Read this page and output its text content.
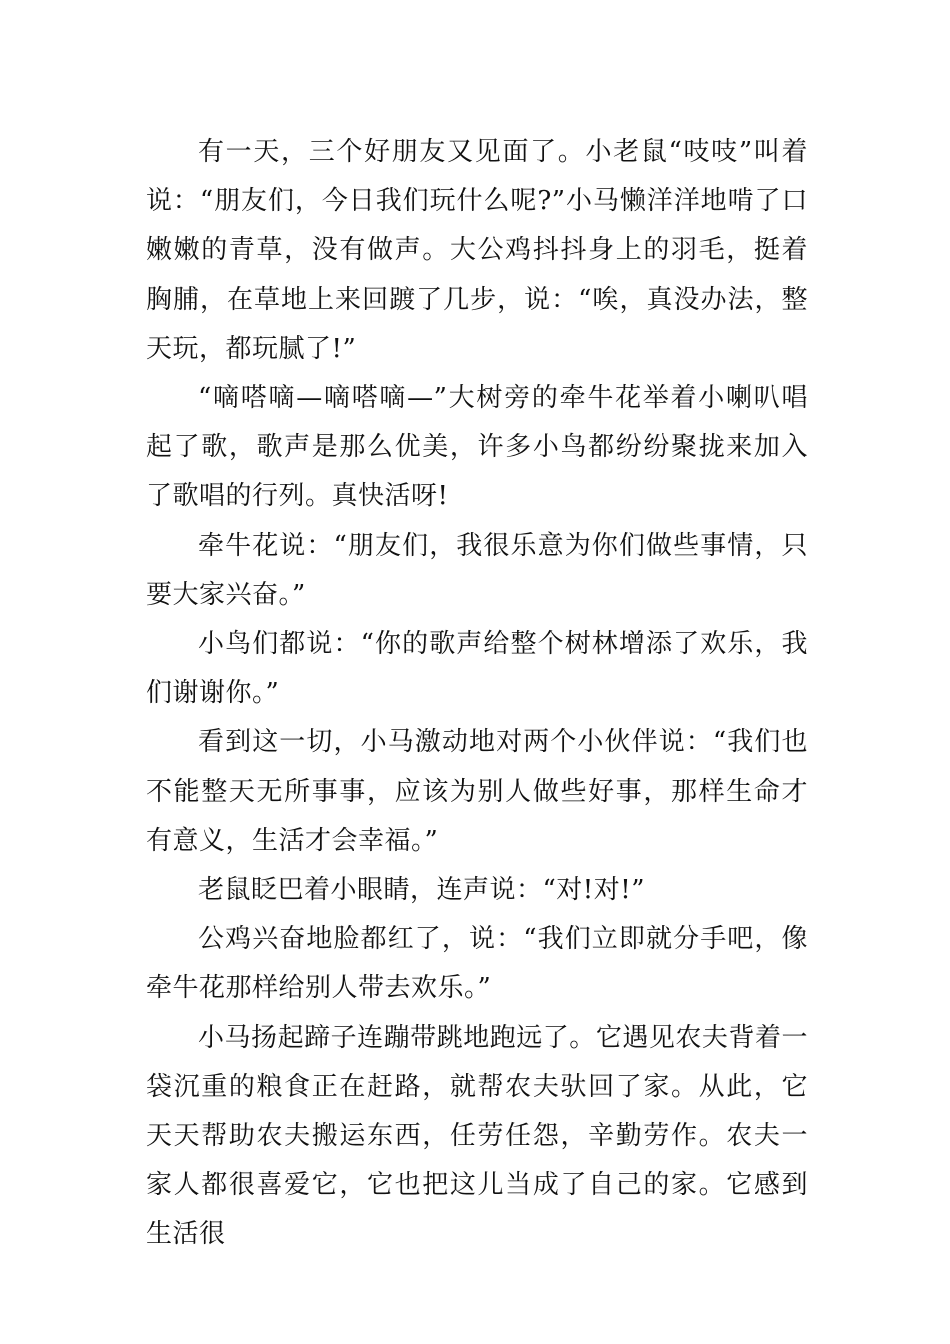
有一天，三个好朋友又见面了。小老鼠“吱吱”叫着说：“朋友们，今日我们玩什么呢?”小马懒洋洋地啃了口嫩嫩的青草，没有做声。大公鸡抖抖身上的羽毛，挺着胸脯，在草地上来回踱了几步，说：“唉，真没办法，整天玩，都玩腻了!”

“嘀嗒嘀—嘀嗒嘀—”大树旁的牵牛花举着小喇叭唱起了歌，歌声是那么优美，许多小鸟都纷纷聚拢来加入了歌唱的行列。真快活呀!

牵牛花说：“朋友们，我很乐意为你们做些事情，只要大家兴奋。”

小鸟们都说：“你的歌声给整个树林增添了欢乐，我们谢谢你。”

看到这一切，小马激动地对两个小伙伴说：“我们也不能整天无所事事，应该为别人做些好事，那样生命才有意义，生活才会幸福。”

老鼠眨巴着小眼睛，连声说：“对!对!”

公鸡兴奋地脸都红了，说：“我们立即就分手吧，像牵牛花那样给别人带去欢乐。”

小马扬起蹄子连蹦带跳地跑远了。它遇见农夫背着一袋沉重的粮食正在赶路，就帮农夫驮回了家。从此，它天天帮助农夫搬运东西，任劳任怨，辛勤劳作。农夫一家人都很喜爱它，它也把这儿当成了自己的家。它感到生活很
